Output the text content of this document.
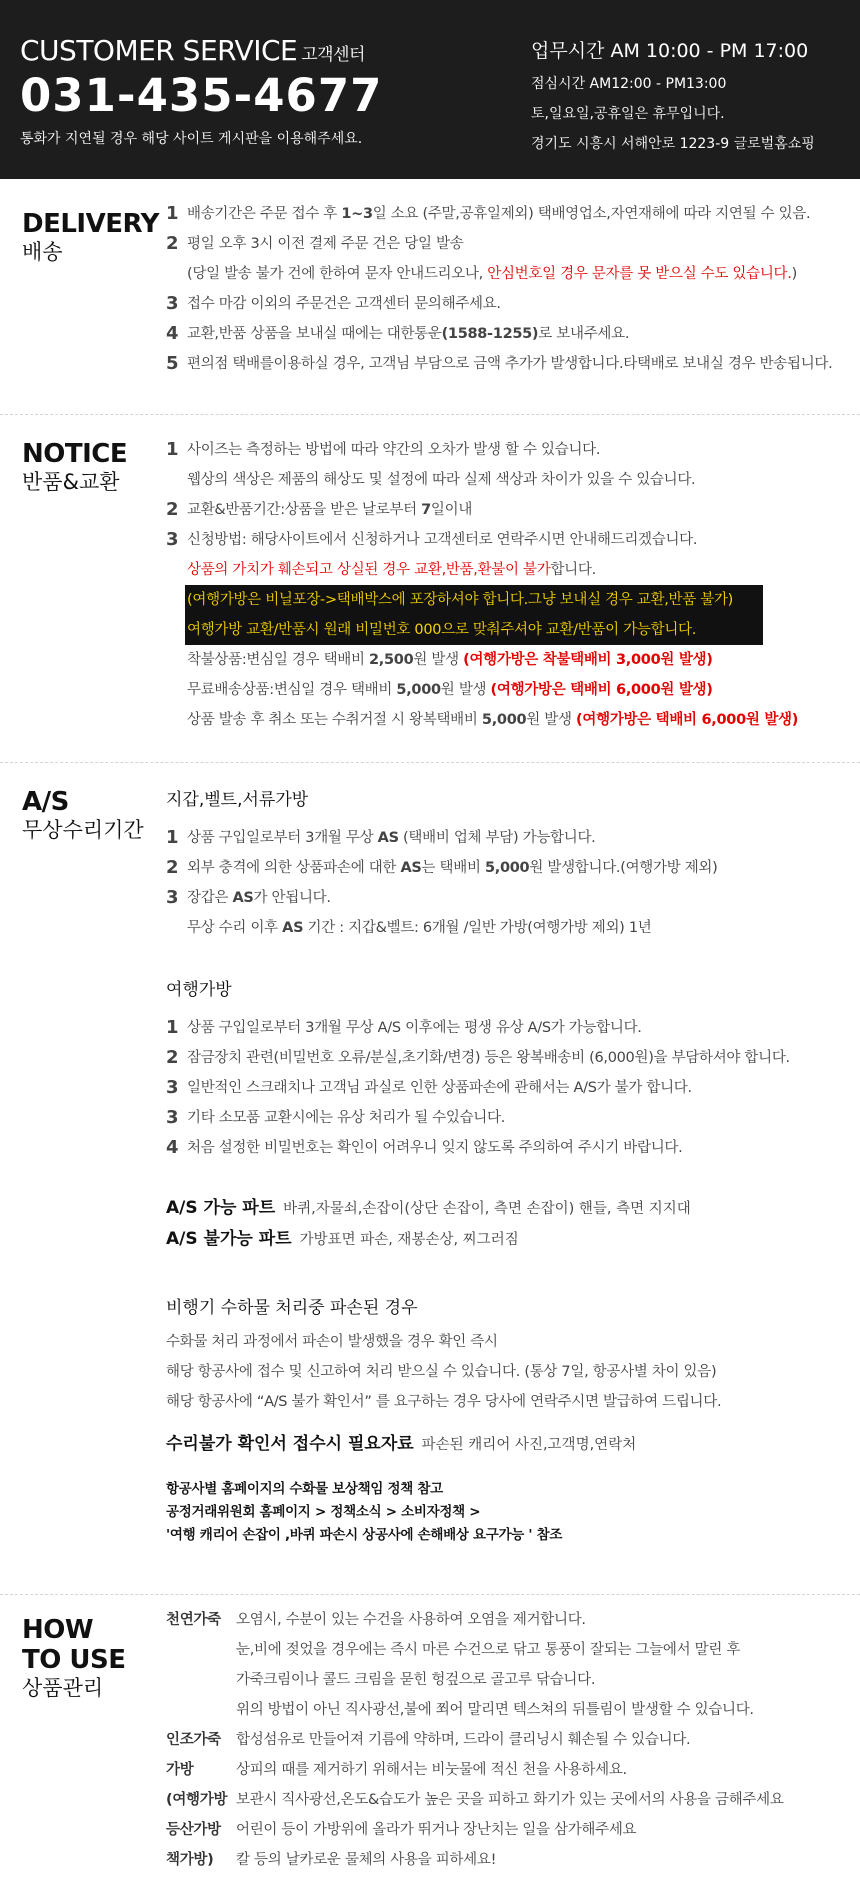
CUSTOMER SERVICE 고객센터
031-435-4677
통화가 지연될 경우 해당 사이트 게시판을 이용해주세요.
업무시간 AM 10:00 - PM 17:00
점심시간 AM12:00 - PM13:00
토,일요일,공휴일은 휴무입니다.
경기도 시흥시 서해안로 1223-9 글로벌홈쇼핑
DELIVERY
배송
1 배송기간은 주문 접수 후 1~3일 소요 (주말,공휴일제외) 택배영업소,자연재해에 따라 지연될 수 있음.
2 평일 오후 3시 이전 결제 주문 건은 당일 발송
(당일 발송 불가 건에 한하여 문자 안내드리오나, 안심번호일 경우 문자를 못 받으실 수도 있습니다.)
3 접수 마감 이외의 주문건은 고객센터 문의해주세요.
4 교환,반품 상품을 보내실 때에는 대한통운(1588-1255)로 보내주세요.
5 편의점 택배를이용하실 경우, 고객님 부담으로 금액 추가가 발생합니다.타택배로 보내실 경우 반송됩니다.
NOTICE
반품&교환
1 사이즈는 측정하는 방법에 따라 약간의 오차가 발생 할 수 있습니다.
웹상의 색상은 제품의 해상도 및 설정에 따라 실제 색상과 차이가 있을 수 있습니다.
2 교환&반품기간:상품을 받은 날로부터 7일이내
3 신청방법: 해당사이트에서 신청하거나 고객센터로 연락주시면 안내해드리겠습니다.
상품의 가치가 훼손되고 상실된 경우 교환,반품,환불이 불가합니다.
(여행가방은 비닐포장->택배박스에 포장하셔야 합니다.그냥 보내실 경우 교환,반품 불가)
여행가방 교환/반품시 원래 비밀번호 000으로 맞춰주셔야 교환/반품이 가능합니다.
착불상품:변심일 경우 택배비 2,500원 발생 (여행가방은 착불택배비 3,000원 발생)
무료배송상품:변심일 경우 택배비 5,000원 발생 (여행가방은 택배비 6,000원 발생)
상품 발송 후 취소 또는 수취거절 시 왕복택배비 5,000원 발생 (여행가방은 택배비 6,000원 발생)
A/S
무상수리기간
지갑,벨트,서류가방
1 상품 구입일로부터 3개월 무상 AS (택배비 업체 부담) 가능합니다.
2 외부 충격에 의한 상품파손에 대한 AS는 택배비 5,000원 발생합니다.(여행가방 제외)
3 장갑은 AS가 안됩니다.
무상 수리 이후 AS 기간 : 지갑&벨트: 6개월 /일반 가방(여행가방 제외) 1년
여행가방
1 상품 구입일로부터 3개월 무상 A/S 이후에는 평생 유상 A/S가 가능합니다.
2 잠금장치 관련(비밀번호 오류/분실,초기화/변경) 등은 왕복배송비 (6,000원)을 부담하셔야 합니다.
3 일반적인 스크래치나 고객님 과실로 인한 상품파손에 관해서는 A/S가 불가 합니다.
3 기타 소모품 교환시에는 유상 처리가 될 수있습니다.
4 처음 설정한 비밀번호는 확인이 어려우니 잊지 않도록 주의하여 주시기 바랍니다.
A/S 가능 파트 바퀴,자물쇠,손잡이(상단 손잡이, 측면 손잡이) 핸들, 측면 지지대
A/S 불가능 파트 가방표면 파손, 재봉손상, 찌그러짐
비행기 수하물 처리중 파손된 경우
수화물 처리 과정에서 파손이 발생했을 경우 확인 즉시
해당 항공사에 접수 및 신고하여 처리 받으실 수 있습니다. (통상 7일, 항공사별 차이 있음)
해당 항공사에 “A/S 불가 확인서” 를 요구하는 경우 당사에 연락주시면 발급하여 드립니다.
수리불가 확인서 접수시 필요자료 파손된 캐리어 사진,고객명,연락처
항공사별 홈페이지의 수화물 보상책임 정책 참고
공정거래위원회 홈페이지 > 정책소식 > 소비자정책 >
'여행 캐리어 손잡이 ,바퀴 파손시 상공사에 손해배상 요구가능 ' 참조
HOW
TO USE
상품관리
천연가죽 오염시, 수분이 있는 수건을 사용하여 오염을 제거합니다.
눈,비에 젖었을 경우에는 즉시 마른 수건으로 닦고 통풍이 잘되는 그늘에서 말린 후
가죽크림이나 콜드 크림을 묻힌 헝겊으로 골고루 닦습니다.
위의 방법이 아닌 직사광선,불에 쬐어 말리면 텍스쳐의 뒤틀림이 발생할 수 있습니다.
인조가죽 합성섬유로 만들어져 기름에 약하며, 드라이 클리닝시 훼손될 수 있습니다.
가방	상피의 때를 제거하기 위해서는 비눗물에 적신 천을 사용하세요.
(여행가방 보관시 직사광선,온도&습도가 높은 곳을 피하고 화기가 있는 곳에서의 사용을 금해주세요
등산가방 어린이 등이 가방위에 올라가 뛰거나 장난치는 일을 삼가해주세요
책가방) 칼 등의 날카로운 물체의 사용을 피하세요!
